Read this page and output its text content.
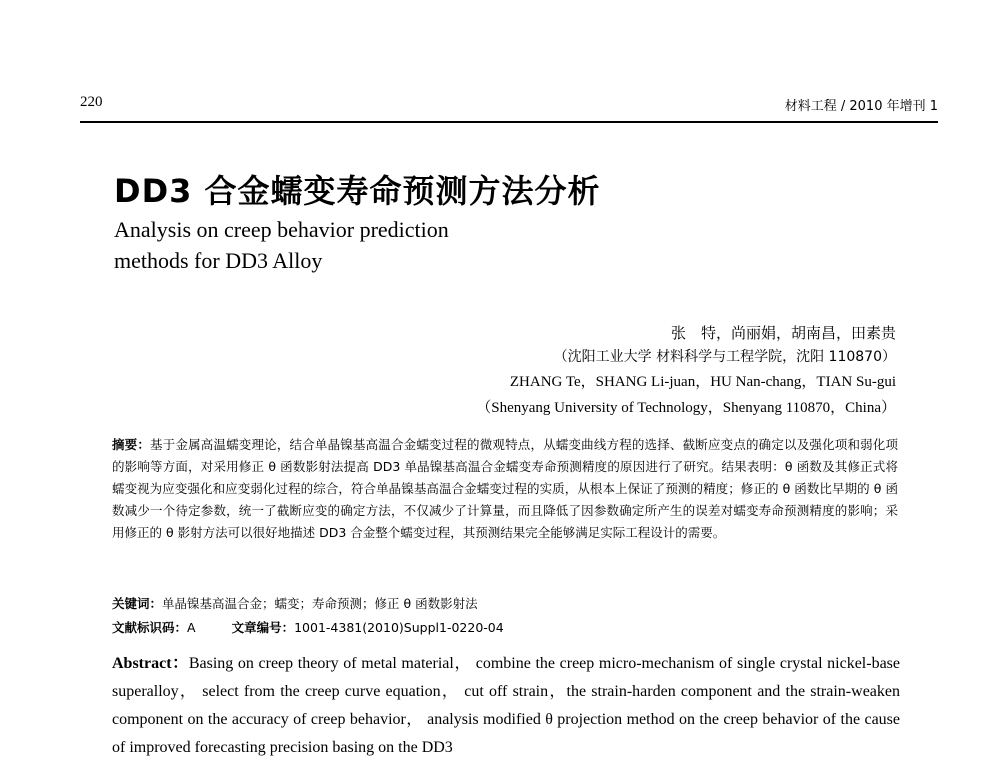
220	材料工程 / 2010 年增刊 1
DD3 合金蠕变寿命预测方法分析
Analysis on creep behavior prediction
methods for DD3 Alloy
张　特，尚丽娟，胡南昌，田素贵
（沈阳工业大学 材料科学与工程学院，沈阳 110870）
ZHANG Te，SHANG Li-juan，HU Nan-chang，TIAN Su-gui
（Shenyang University of Technology，Shenyang 110870，China）
摘要：基于金属高温蠕变理论，结合单晶镍基高温合金蠕变过程的微观特点，从蠕变曲线方程的选择、截断应变点的确定以及强化项和弱化项的影响等方面，对采用修正 θ 函数影射法提高 DD3 单晶镍基高温合金蠕变寿命预测精度的原因进行了研究。结果表明：θ 函数及其修正式将蠕变视为应变强化和应变弱化过程的综合，符合单晶镍基高温合金蠕变过程的实质，从根本上保证了预测的精度；修正的 θ 函数比早期的 θ 函数减少一个待定参数，统一了截断应变的确定方法，不仅减少了计算量，而且降低了因参数确定所产生的误差对蠕变寿命预测精度的影响；采用修正的 θ 影射方法可以很好地描述 DD3 合金整个蠕变过程，其预测结果完全能够满足实际工程设计的需要。
关键词：单晶镍基高温合金；蠕变；寿命预测；修正 θ 函数影射法
文献标识码：A	文章编号：1001-4381(2010)Suppl1-0220-04
Abstract：Basing on creep theory of metal material， combine the creep micro-mechanism of single crystal nickel-base superalloy， select from the creep curve equation， cut off strain，the strain-harden component and the strain-weaken component on the accuracy of creep behavior， analysis modified θ projection method on the creep behavior of the cause of improved forecasting precision basing on the DD3
